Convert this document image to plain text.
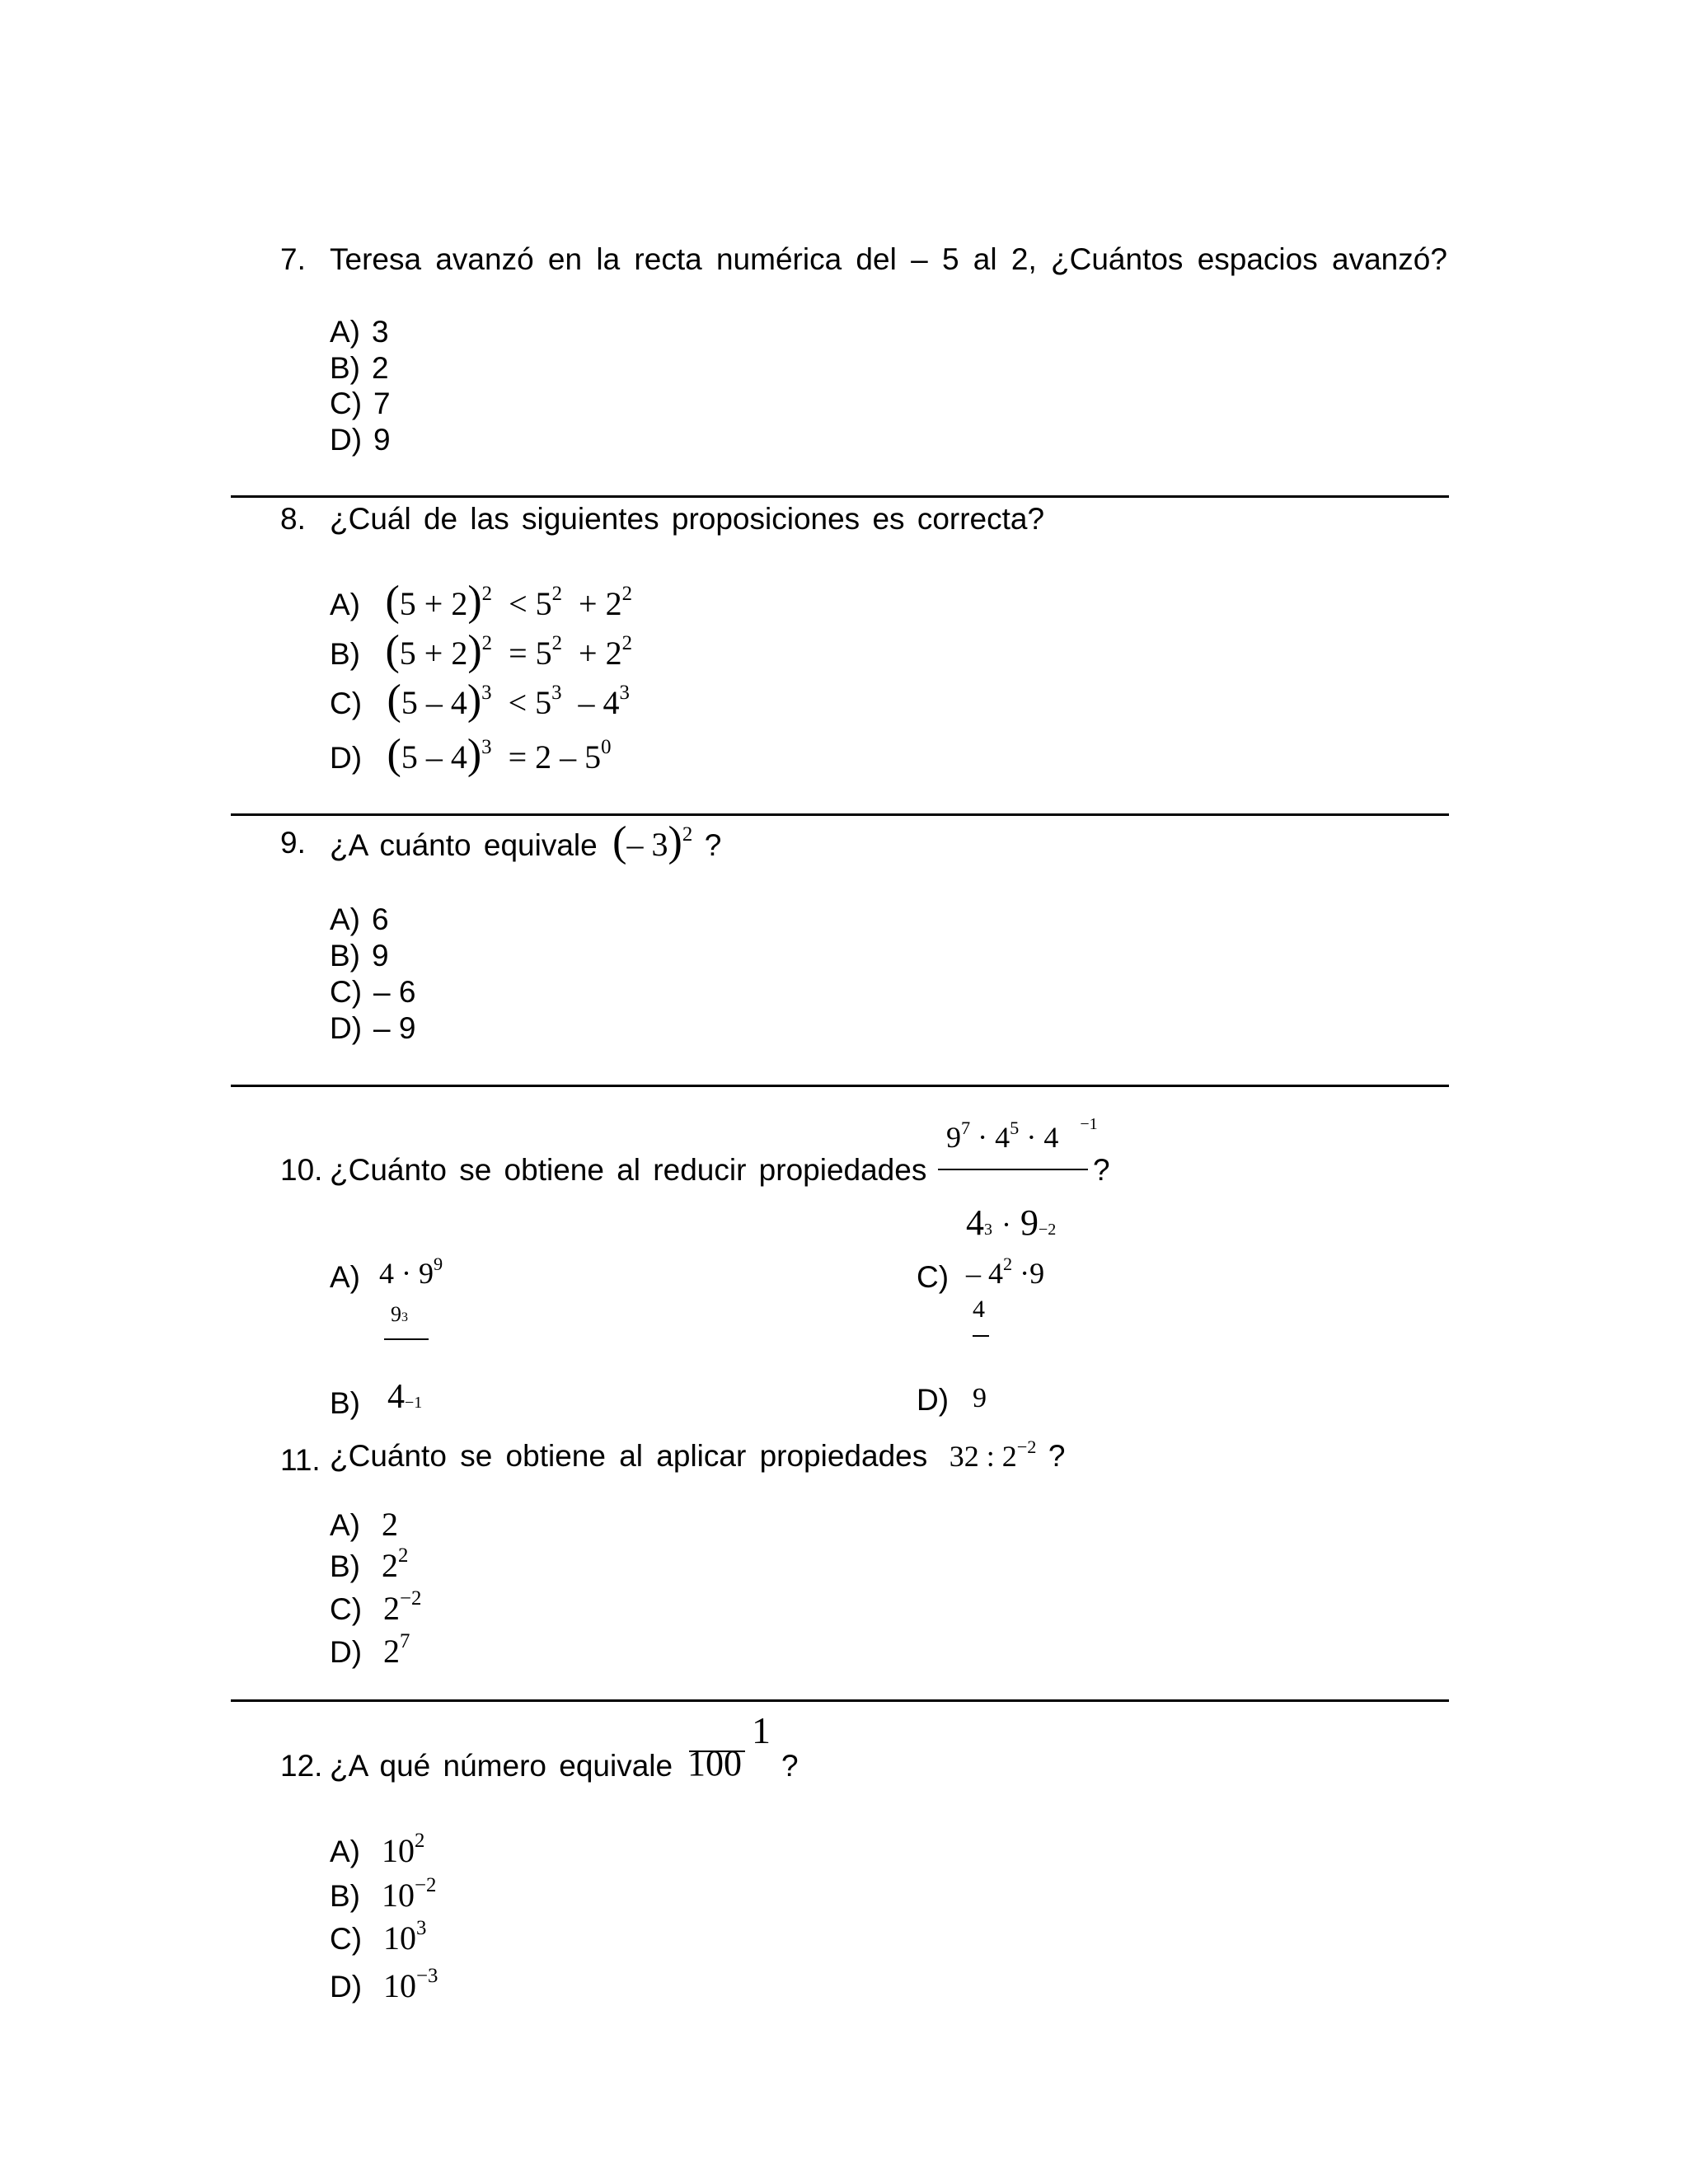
7. Teresa avanzó en la recta numérica del – 5 al 2, ¿Cuántos espacios avanzó?
A) 3
B) 2
C) 7
D) 9
8. ¿Cuál de las siguientes proposiciones es correcta?
A) $(5 + 2)^2 < 5^2 + 2^2$
B) $(5 + 2)^2 = 5^2 + 2^2$
C) $(5 - 4)^3 < 5^3 - 4^3$
D) $(5 - 4)^3 = 2 - 5^0$
9. ¿A cuánto equivale (– 3)$^2$ ?
A) 6
B) 9
C) – 6
D) – 9
10. ¿Cuánto se obtiene al reducir propiedades
$9^7 \cdot 4^5 \cdot 4 -1$
?
43 · 9−2
A) $4 \cdot 9^9$
93
B) 4−1
$C) - 4^2 \cdot 9$
4
D) 9
11. ¿Cuánto se obtiene al aplicar propiedades 32 : $2^{-2}$ ?
A) 2
B) $2^2$
C) $2^{-2}$
D) $2^7$
12. ¿A qué número equivale
1
100 ?
A) $10^2$
B) $10^{-2}$
C) $10^3$
D) $10^{-3}$
